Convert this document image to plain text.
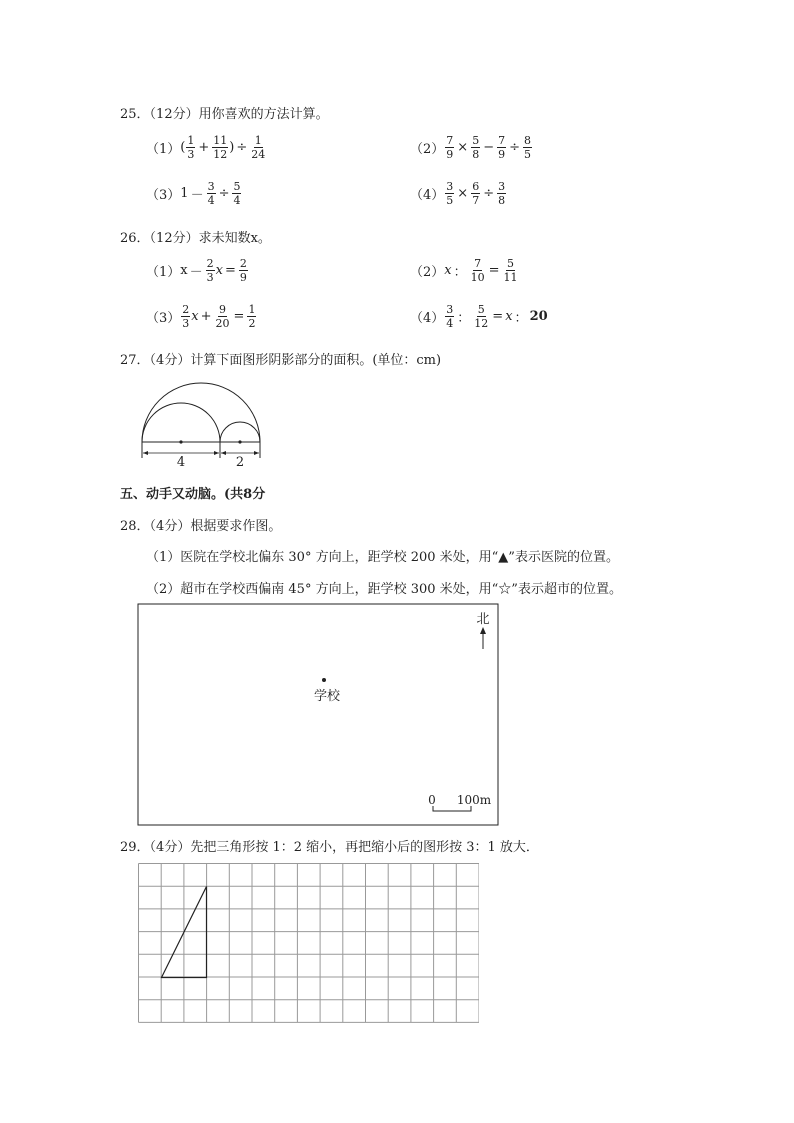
25．（12分）用你喜欢的方法计算。
（1） ( $\frac{1}{3} + \frac{11}{12}$ ) ÷ $\frac{1}{24}$	$(2) \frac{7}{9} \times \frac{5}{8} - \frac{7}{9} \div \frac{8}{5}$
（3） $1 - \frac{3}{4} \div \frac{5}{4}$	$(4) \frac{3}{5} \times \frac{6}{7} \div \frac{3}{8}$
26．（12分）求未知数x。
（1） $x - \frac{2}{3}$ $x = \frac{2}{9}$	（2） x ： $\frac{7}{10} = \frac{5}{11}$
$(3) \frac{2}{3}$ $x + \frac{9}{20} = \frac{1}{2}$	$(4) \frac{3}{4}$ ： $\frac{5}{12} = x$ ： 20
27．（4分）计算下面图形阴影部分的面积。(单位：cm)
4	2
五、动手又动脑。(共8分
28．（4分）根据要求作图。
（1）医院在学校北偏东 30° 方向上，距学校 200 米处，用“▲”表示医院的位置。
（2）超市在学校西偏南 45° 方向上，距学校 300 米处，用“☆”表示超市的位置。
北
学校
0 100m
29．（4分）先把三角形按 1：2 缩小，再把缩小后的图形按 3：1 放大．
